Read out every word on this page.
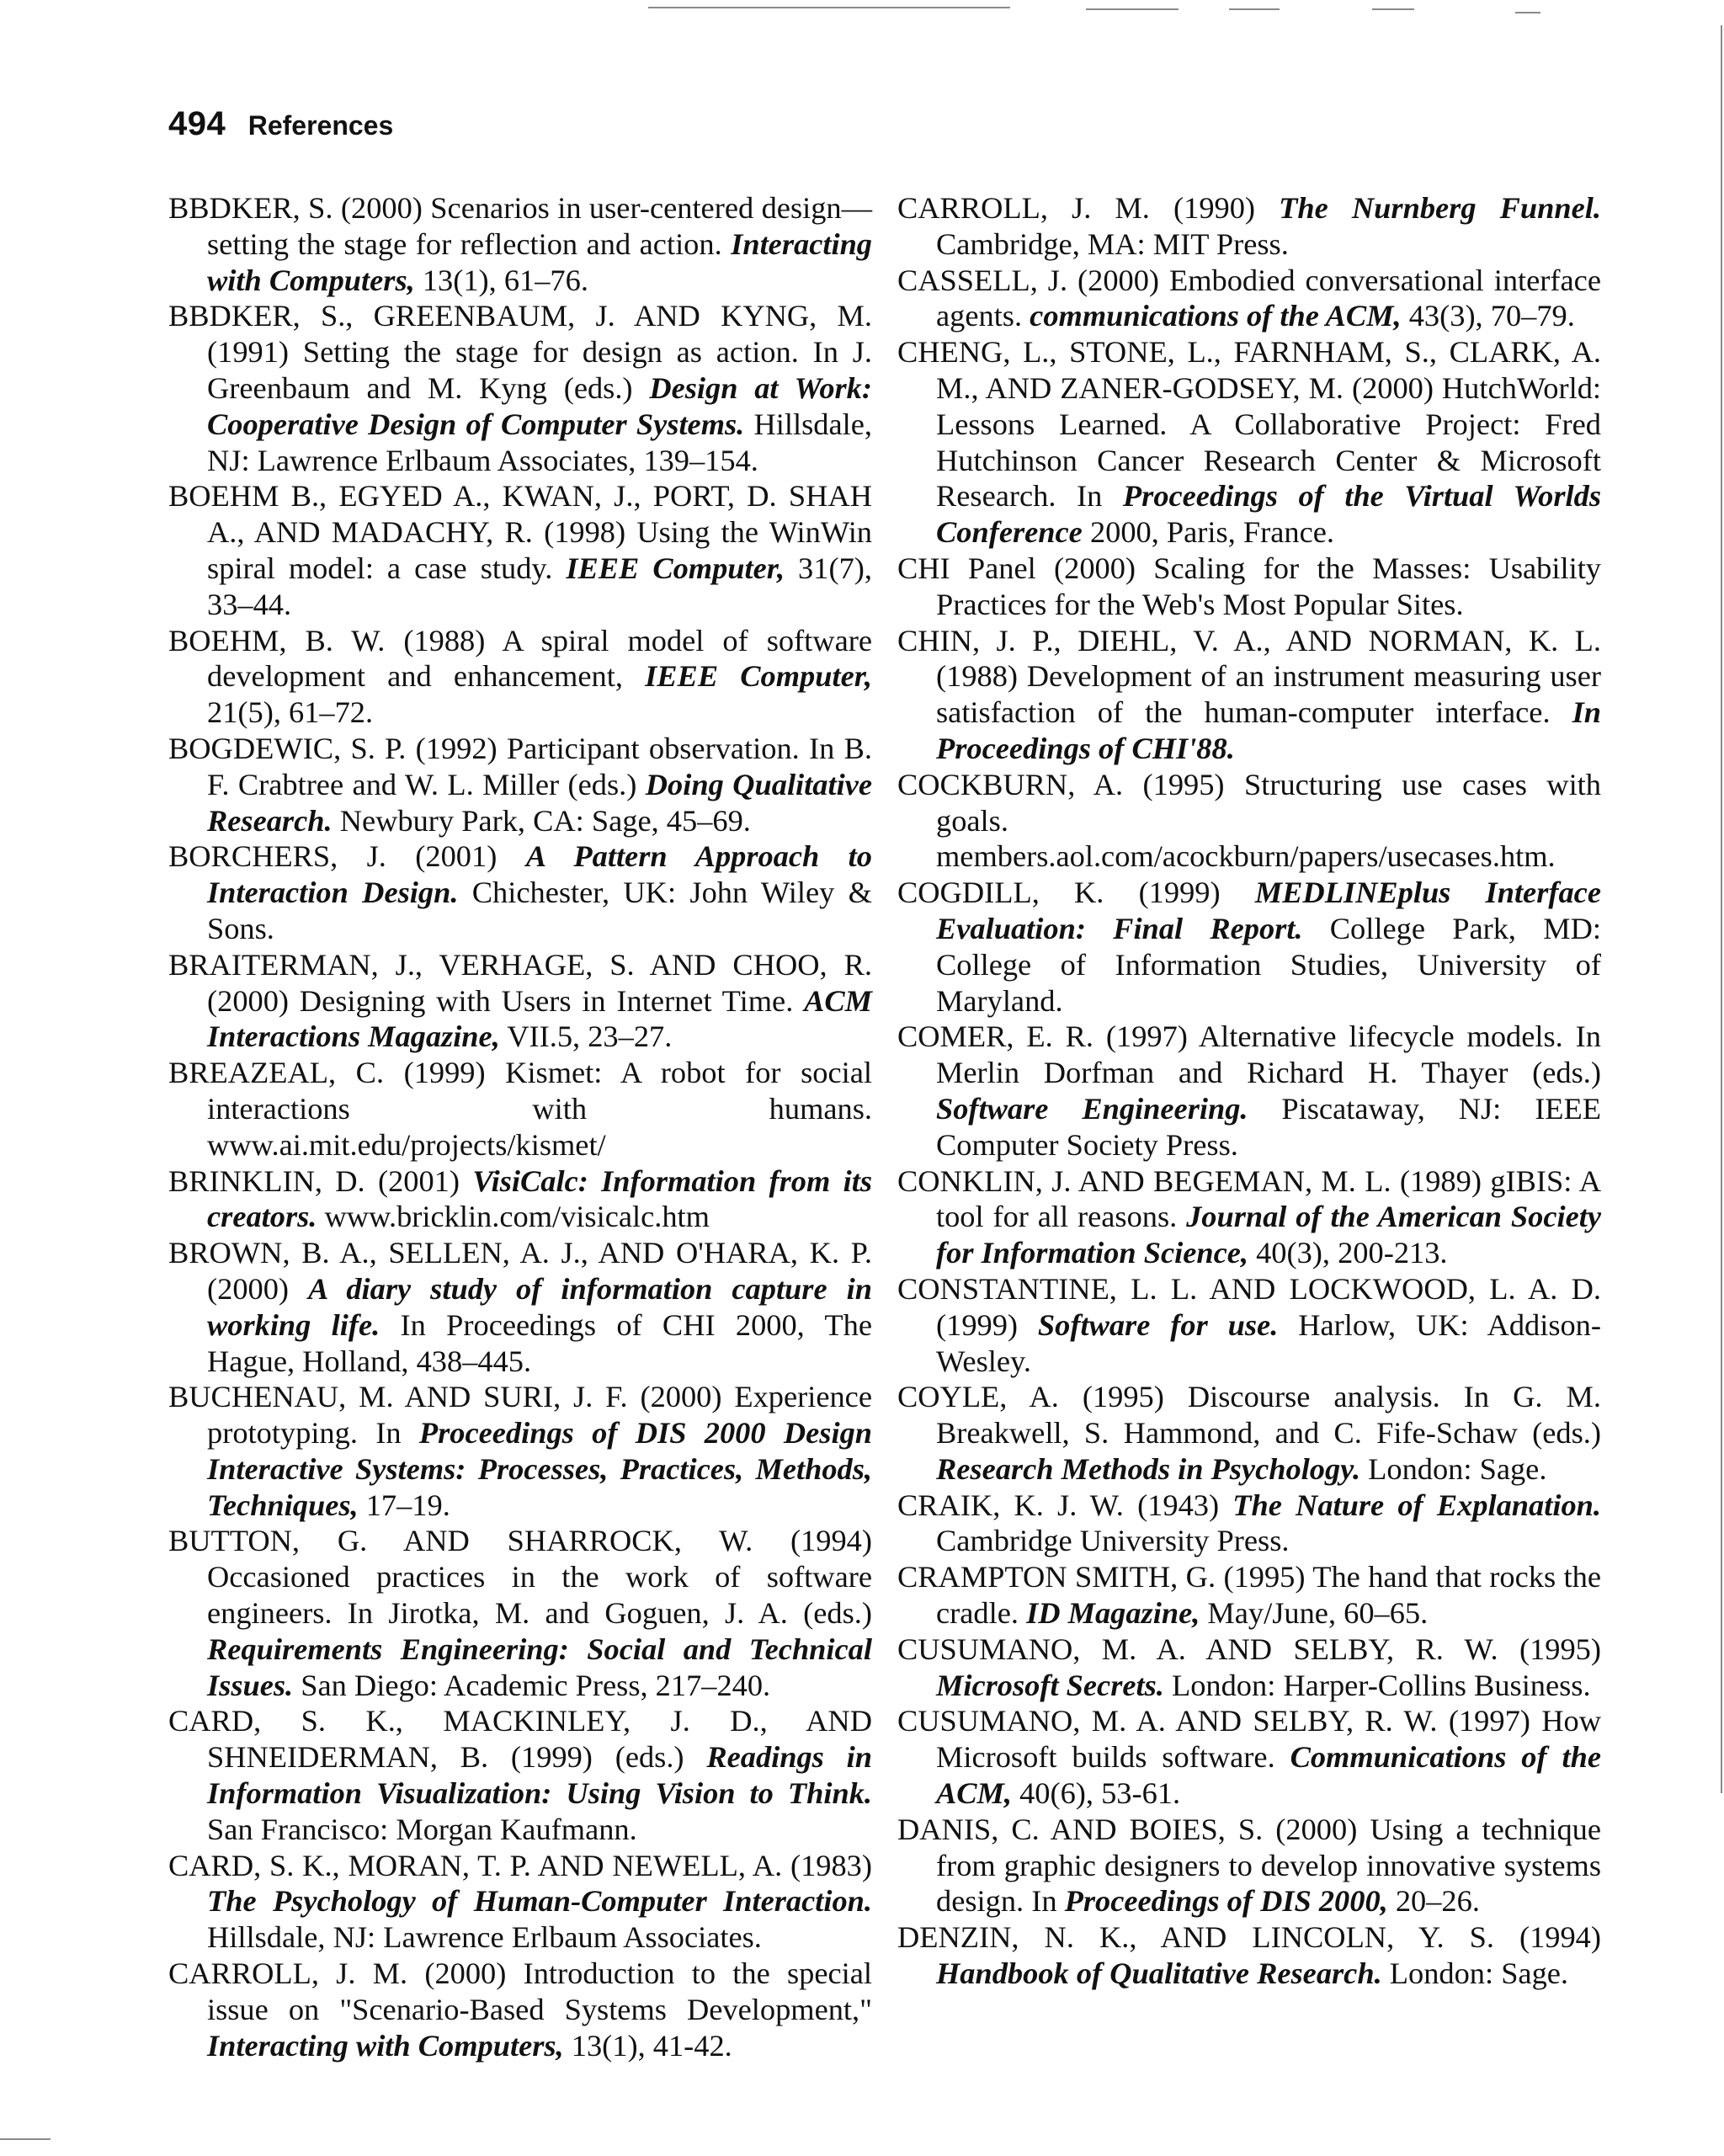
494 References

BBDKER, S. (2000) Scenarios in user-centered design—setting the stage for reflection and action. Interacting with Computers, 13(1), 61–76.

BBDKER, S., GREENBAUM, J. AND KYNG, M. (1991) Setting the stage for design as action. In J. Greenbaum and M. Kyng (eds.) Design at Work: Cooperative Design of Computer Systems. Hillsdale, NJ: Lawrence Erlbaum Associates, 139–154.

BOEHM B., EGYED A., KWAN, J., PORT, D. SHAH A., AND MADACHY, R. (1998) Using the WinWin spiral model: a case study. IEEE Computer, 31(7), 33–44.

BOEHM, B. W. (1988) A spiral model of software development and enhancement, IEEE Computer, 21(5), 61–72.

BOGDEWIC, S. P. (1992) Participant observation. In B. F. Crabtree and W. L. Miller (eds.) Doing Qualitative Research. Newbury Park, CA: Sage, 45–69.

BORCHERS, J. (2001) A Pattern Approach to Interaction Design. Chichester, UK: John Wiley & Sons.

BRAITERMAN, J., VERHAGE, S. AND CHOO, R. (2000) Designing with Users in Internet Time. ACM Interactions Magazine, VII.5, 23–27.

BREAZEAL, C. (1999) Kismet: A robot for social interactions with humans. www.ai.mit.edu/projects/kismet/

BRINKLIN, D. (2001) VisiCalc: Information from its creators. www.bricklin.com/visicalc.htm

BROWN, B. A., SELLEN, A. J., AND O'HARA, K. P. (2000) A diary study of information capture in working life. In Proceedings of CHI 2000, The Hague, Holland, 438–445.

BUCHENAU, M. AND SURI, J. F. (2000) Experience prototyping. In Proceedings of DIS 2000 Design Interactive Systems: Processes, Practices, Methods, Techniques, 17–19.

BUTTON, G. AND SHARROCK, W. (1994) Occasioned practices in the work of software engineers. In Jirotka, M. and Goguen, J. A. (eds.) Requirements Engineering: Social and Technical Issues. San Diego: Academic Press, 217–240.

CARD, S. K., MACKINLEY, J. D., AND SHNEIDERMAN, B. (1999) (eds.) Readings in Information Visualization: Using Vision to Think. San Francisco: Morgan Kaufmann.

CARD, S. K., MORAN, T. P. AND NEWELL, A. (1983) The Psychology of Human-Computer Interaction. Hillsdale, NJ: Lawrence Erlbaum Associates.

CARROLL, J. M. (2000) Introduction to the special issue on "Scenario-Based Systems Development," Interacting with Computers, 13(1), 41-42.

CARROLL, J. M. (1990) The Nurnberg Funnel. Cambridge, MA: MIT Press.

CASSELL, J. (2000) Embodied conversational interface agents. communications of the ACM, 43(3), 70–79.

CHENG, L., STONE, L., FARNHAM, S., CLARK, A. M., AND ZANER-GODSEY, M. (2000) HutchWorld: Lessons Learned. A Collaborative Project: Fred Hutchinson Cancer Research Center & Microsoft Research. In Proceedings of the Virtual Worlds Conference 2000, Paris, France.

CHI Panel (2000) Scaling for the Masses: Usability Practices for the Web's Most Popular Sites.

CHIN, J. P., DIEHL, V. A., AND NORMAN, K. L. (1988) Development of an instrument measuring user satisfaction of the human-computer interface. In Proceedings of CHI'88.

COCKBURN, A. (1995) Structuring use cases with goals. members.aol.com/acockburn/papers/usecases.htm.

COGDILL, K. (1999) MEDLINEplus Interface Evaluation: Final Report. College Park, MD: College of Information Studies, University of Maryland.

COMER, E. R. (1997) Alternative lifecycle models. In Merlin Dorfman and Richard H. Thayer (eds.) Software Engineering. Piscataway, NJ: IEEE Computer Society Press.

CONKLIN, J. AND BEGEMAN, M. L. (1989) gIBIS: A tool for all reasons. Journal of the American Society for Information Science, 40(3), 200-213.

CONSTANTINE, L. L. AND LOCKWOOD, L. A. D. (1999) Software for use. Harlow, UK: Addison-Wesley.

COYLE, A. (1995) Discourse analysis. In G. M. Breakwell, S. Hammond, and C. Fife-Schaw (eds.) Research Methods in Psychology. London: Sage.

CRAIK, K. J. W. (1943) The Nature of Explanation. Cambridge University Press.

CRAMPTON SMITH, G. (1995) The hand that rocks the cradle. ID Magazine, May/June, 60–65.

CUSUMANO, M. A. AND SELBY, R. W. (1995) Microsoft Secrets. London: Harper-Collins Business.

CUSUMANO, M. A. AND SELBY, R. W. (1997) How Microsoft builds software. Communications of the ACM, 40(6), 53-61.

DANIS, C. AND BOIES, S. (2000) Using a technique from graphic designers to develop innovative systems design. In Proceedings of DIS 2000, 20–26.

DENZIN, N. K., AND LINCOLN, Y. S. (1994) Handbook of Qualitative Research. London: Sage.
